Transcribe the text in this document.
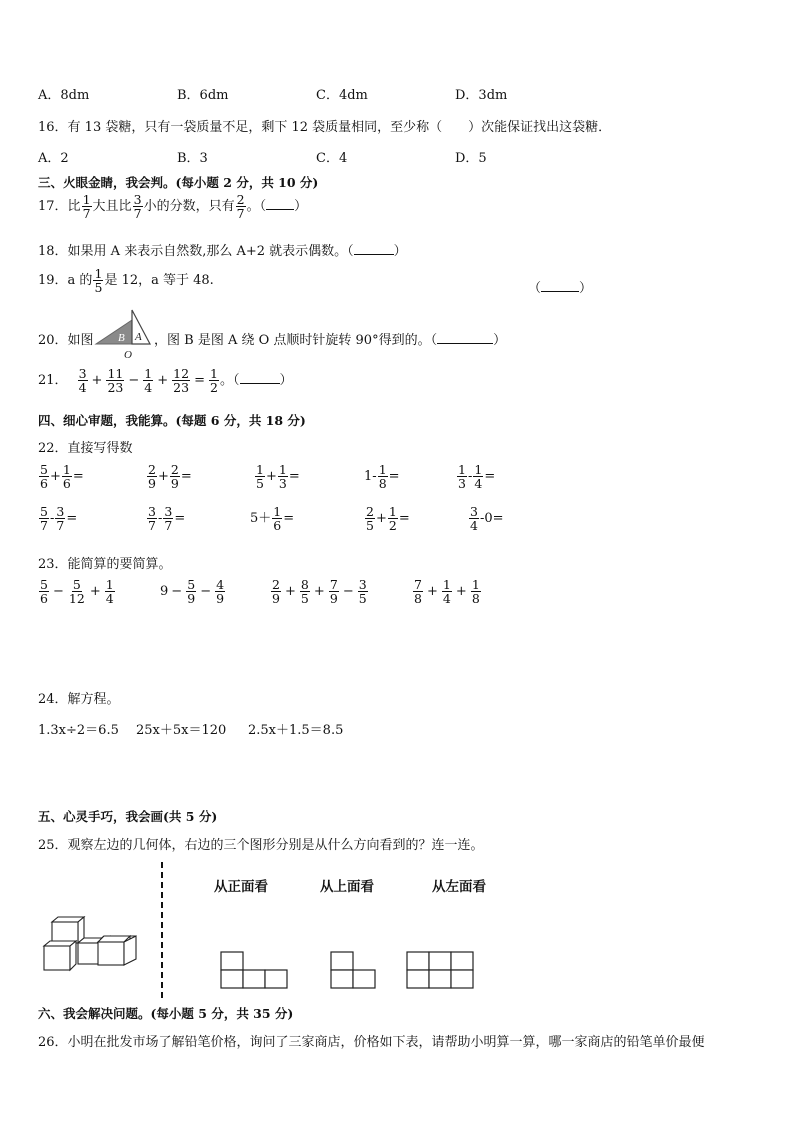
A．8dm	B．6dm	C．4dm	D．3dm
16．有 13 袋糖，只有一袋质量不足，剩下 12 袋质量相同，至少称（　　）次能保证找出这袋糖．
A．2	B．3	C．4	D．5
三、火眼金睛，我会判。(每小题 2 分，共 10 分)
17．比 $\frac{1}{7}$ 大且比 $\frac{3}{7}$ 小的分数，只有 $\frac{2}{7}$ 。（ ）
18．如果用 A 来表示自然数,那么 A+2 就表示偶数。（	）
19．a 的 $\frac{1}{5}$ 是 12，a 等于 48.
（	）
20．如图 B A
O
，图 B 是图 A 绕 O 点顺时针旋转 90°得到的。（	）
21． $\frac{3}{4} + \frac{11}{23} - \frac{1}{4} + \frac{12}{23} = \frac{1}{2}$ 。（	）
四、细心审题，我能算。(每题 6 分，共 18 分)
22．直接写得数
$\frac{5}{6} + \frac{1}{6}$ =	$\frac{2}{9} + \frac{2}{9}$ =	$\frac{1}{5} + \frac{1}{3}$ =	$1- \frac{1}{8}$ =	$\frac{1}{3} - \frac{1}{4}$ =
$\frac{5}{7} - \frac{3}{7}$ =	$\frac{3}{7} - \frac{3}{7}$ =	$5+ \frac{1}{6}$ =	$\frac{2}{5} + \frac{1}{2}$ =	$\frac{3}{4} -0=$
23．能简算的要简算。
$\frac{5}{6} - \frac{5}{12} + \frac{1}{4}$	$9 - \frac{5}{9} - \frac{4}{9}$	$\frac{2}{9} + \frac{8}{5} + \frac{7}{9} - \frac{3}{5}$	$\frac{7}{8} + \frac{1}{4} + \frac{1}{8}$
24．解方程。
1.3x÷2＝6.5 25x＋5x＝120 2.5x＋1.5＝8.5
五、心灵手巧，我会画(共 5 分)
25．观察左边的几何体，右边的三个图形分别是从什么方向看到的？连一连。
从正面看	从上面看	从左面看
六、我会解决问题。(每小题 5 分，共 35 分)
26．小明在批发市场了解铅笔价格，询问了三家商店，价格如下表，请帮助小明算一算，哪一家商店的铅笔单价最便
